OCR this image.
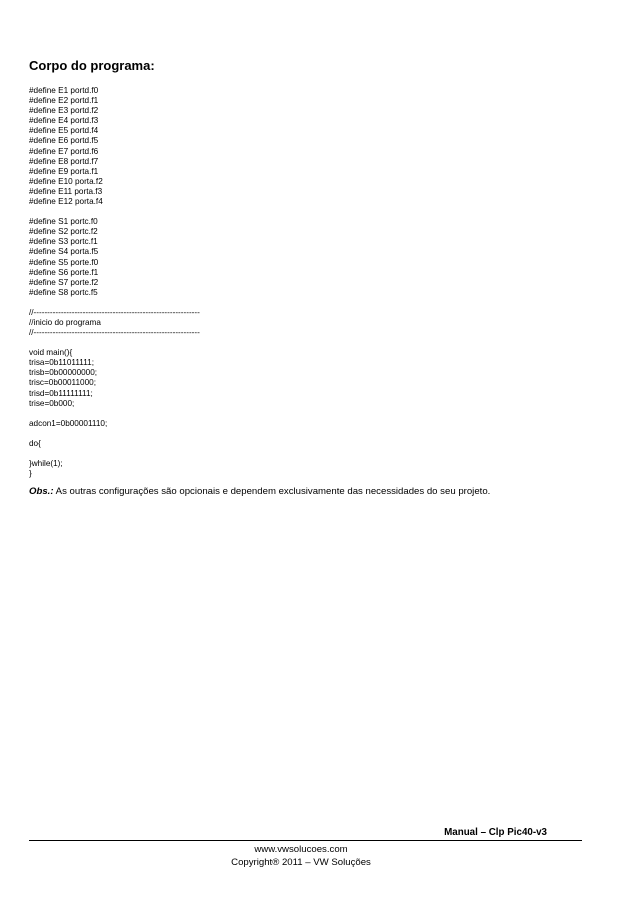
Corpo do programa:
#define E1 portd.f0
#define E2 portd.f1
#define E3 portd.f2
#define E4 portd.f3
#define E5 portd.f4
#define E6 portd.f5
#define E7 portd.f6
#define E8 portd.f7
#define E9 porta.f1
#define E10 porta.f2
#define E11 porta.f3
#define E12 porta.f4
#define S1 portc.f0
#define S2 portc.f2
#define S3 portc.f1
#define S4 porta.f5
#define S5 porte.f0
#define S6 porte.f1
#define S7 porte.f2
#define S8 portc.f5
//-------------------------------------------------------------
//inicio do programa
//-------------------------------------------------------------
void main(){
trisa=0b11011111;
trisb=0b00000000;
trisc=0b00011000;
trisd=0b11111111;
trise=0b000;
adcon1=0b00001110;
do{
}while(1);
}
Obs.: As outras configurações são opcionais e dependem exclusivamente das necessidades do seu projeto.
Manual – Clp Pic40-v3
www.vwsolucoes.com
Copyright® 2011 – VW Soluções
